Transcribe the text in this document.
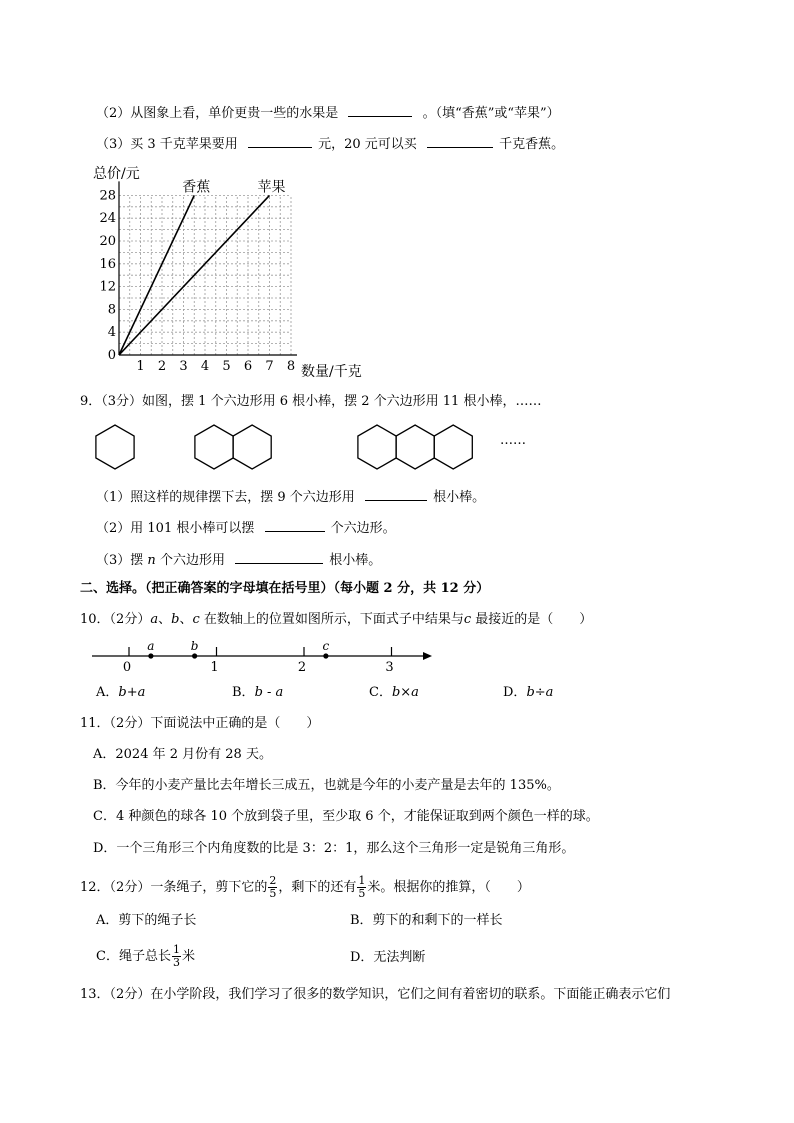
（2）从图象上看，单价更贵一些的水果是	。（填“香蕉”或“苹果”）
（3）买 3 千克苹果要用	元，20 元可以买	千克香蕉。
1 2 3 4 5 6 7 8
0
4
8
12
16
20
24
28
总价/元
数量/千克
香蕉	苹果
9．（3分）如图，摆 1 个六边形用 6 根小棒，摆 2 个六边形用 11 根小棒，……
……
（1）照这样的规律摆下去，摆 9 个六边形用	根小棒。
（2）用 101 根小棒可以摆	个六边形。
（3）摆 n 个六边形用	根小棒。
二、选择。（把正确答案的字母填在括号里）（每小题 2 分，共 12 分）
10．（2分）a、b、c 在数轴上的位置如图所示，下面式子中结果与c 最接近的是（　　）
0	1	2	3
a	b	c
A．b+a	B．b - a	C．b×a	D．b÷a
11．（2分）下面说法中正确的是（　　）
A．2024 年 2 月份有 28 天。
B．今年的小麦产量比去年增长三成五，也就是今年的小麦产量是去年的 135%。
C．4 种颜色的球各 10 个放到袋子里，至少取 6 个，才能保证取到两个颜色一样的球。
D．一个三角形三个内角度数的比是 3：2：1，那么这个三角形一定是锐角三角形。
12．（2分）一条绳子，剪下它的 $\frac{2}{5}$ ，剩下的还有 $\frac{1}{5}$ 米。根据你的推算，（　　）
A．剪下的绳子长	B．剪下的和剩下的一样长
C．绳子总长 $\frac{1}{3}$ 米	D．无法判断
13．（2分）在小学阶段，我们学习了很多的数学知识，它们之间有着密切的联系。下面能正确表示它们
